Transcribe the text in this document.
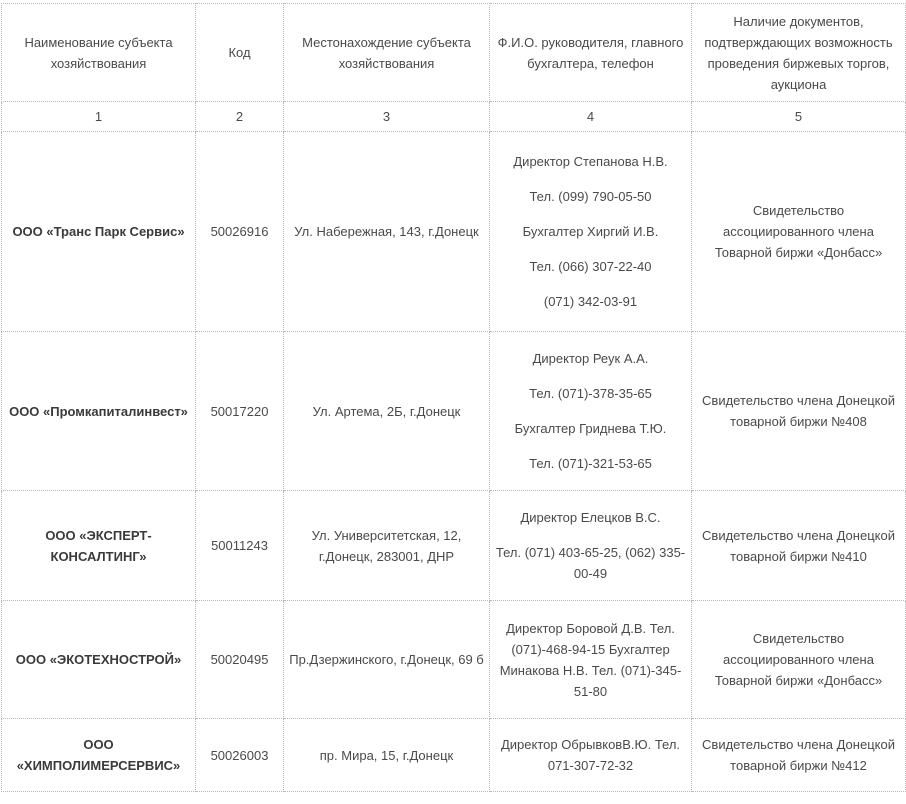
Наименование субъекта хозяйствования	Код	Местонахождение субъекта хозяйствования	Ф.И.О. руководителя, главного бухгалтера, телефон	Наличие документов, подтверждающих возможность проведения биржевых торгов, аукциона
1	2	3	4	5
ООО «Транс Парк Сервис»	50026916	Ул. Набережная, 143, г.Донецк	Директор Степанова Н.В.

Тел. (099) 790-05-50

Бухгалтер Хиргий И.В.

Тел. (066) 307-22-40

(071) 342-03-91	Свидетельство ассоциированного члена Товарной биржи «Донбасс»
ООО «Промкапиталинвест»	50017220	Ул. Артема, 2Б, г.Донецк	Директор Реук А.А.

Тел. (071)-378-35-65

Бухгалтер Гриднева Т.Ю.

Тел. (071)-321-53-65	Свидетельство члена Донецкой товарной биржи №408
ООО «ЭКСПЕРТ-КОНСАЛТИНГ»	50011243	Ул. Университетская, 12, г.Донецк, 283001, ДНР	Директор Елецков В.С.

Тел. (071) 403-65-25, (062) 335-00-49	Свидетельство члена Донецкой товарной биржи №410
ООО «ЭКОТЕХНОСТРОЙ»	50020495	Пр.Дзержинского, г.Донецк, 69 б	Директор Боровой Д.В. Тел.(071)-468-94-15 Бухгалтер Минакова Н.В. Тел. (071)-345-51-80	Свидетельство ассоциированного члена Товарной биржи «Донбасс»
ООО «ХИМПОЛИМЕРСЕРВИС»	50026003	пр. Мира, 15, г.Донецк	Директор ОбрывковВ.Ю. Тел. 071-307-72-32	Свидетельство члена Донецкой товарной биржи №412
